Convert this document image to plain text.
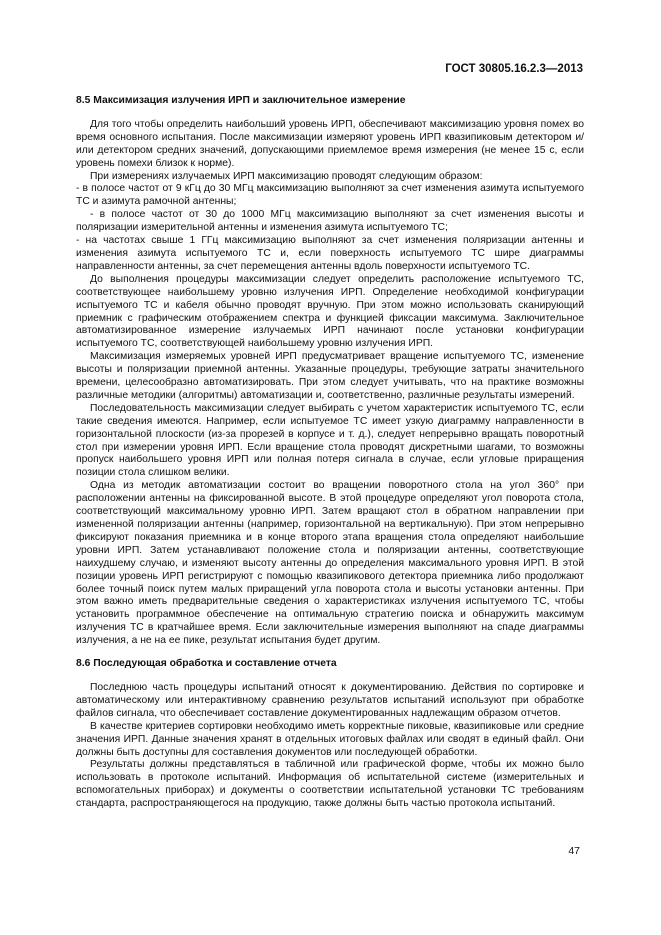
ГОСТ 30805.16.2.3—2013
8.5 Максимизация излучения ИРП и заключительное измерение

Для того чтобы определить наибольший уровень ИРП, обеспечивают максимизацию уровня помех во время основного испытания. После максимизации измеряют уровень ИРП квазипиковым детектором и/или детектором средних значений, допускающими приемлемое время измерения (не менее 15 с, если уровень помехи близок к норме).

При измерениях излучаемых ИРП максимизацию проводят следующим образом:

- в полосе частот от 9 кГц до 30 МГц максимизацию выполняют за счет изменения азимута испытуемого ТС и азимута рамочной антенны;

- в полосе частот от 30 до 1000 МГц максимизацию выполняют за счет изменения высоты и поляризации измерительной антенны и изменения азимута испытуемого ТС;

- на частотах свыше 1 ГГц максимизацию выполняют за счет изменения поляризации антенны и изменения азимута испытуемого ТС и, если поверхность испытуемого ТС шире диаграммы направленности антенны, за счет перемещения антенны вдоль поверхности испытуемого ТС.

До выполнения процедуры максимизации следует определить расположение испытуемого ТС, соответствующее наибольшему уровню излучения ИРП. Определение необходимой конфигурации испытуемого ТС и кабеля обычно проводят вручную. При этом можно использовать сканирующий приемник с графическим отображением спектра и функцией фиксации максимума. Заключительное автоматизированное измерение излучаемых ИРП начинают после установки конфигурации испытуемого ТС, соответствующей наибольшему уровню излучения ИРП.

Максимизация измеряемых уровней ИРП предусматривает вращение испытуемого ТС, изменение высоты и поляризации приемной антенны. Указанные процедуры, требующие затраты значительного времени, целесообразно автоматизировать. При этом следует учитывать, что на практике возможны различные методики (алгоритмы) автоматизации и, соответственно, различные результаты измерений.

Последовательность максимизации следует выбирать с учетом характеристик испытуемого ТС, если такие сведения имеются. Например, если испытуемое ТС имеет узкую диаграмму направленности в горизонтальной плоскости (из-за прорезей в корпусе и т. д.), следует непрерывно вращать поворотный стол при измерении уровня ИРП. Если вращение стола проводят дискретными шагами, то возможны пропуск наибольшего уровня ИРП или полная потеря сигнала в случае, если угловые приращения позиции стола слишком велики.

Одна из методик автоматизации состоит во вращении поворотного стола на угол 360° при расположении антенны на фиксированной высоте. В этой процедуре определяют угол поворота стола, соответствующий максимальному уровню ИРП. Затем вращают стол в обратном направлении при измененной поляризации антенны (например, горизонтальной на вертикальную). При этом непрерывно фиксируют показания приемника и в конце второго этапа вращения стола определяют наибольшие уровни ИРП. Затем устанавливают положение стола и поляризации антенны, соответствующие наихудшему случаю, и изменяют высоту антенны до определения максимального уровня ИРП. В этой позиции уровень ИРП регистрируют с помощью квазипикового детектора приемника либо продолжают более точный поиск путем малых приращений угла поворота стола и высоты установки антенны. При этом важно иметь предварительные сведения о характеристиках излучения испытуемого ТС, чтобы установить программное обеспечение на оптимальную стратегию поиска и обнаружить максимум излучения ТС в кратчайшее время. Если заключительные измерения выполняют на спаде диаграммы излучения, а не на ее пике, результат испытания будет другим.

8.6 Последующая обработка и составление отчета

Последнюю часть процедуры испытаний относят к документированию. Действия по сортировке и автоматическому или интерактивному сравнению результатов испытаний используют при обработке файлов сигнала, что обеспечивает составление документированных надлежащим образом отчетов.

В качестве критериев сортировки необходимо иметь корректные пиковые, квазипиковые или средние значения ИРП. Данные значения хранят в отдельных итоговых файлах или сводят в единый файл. Они должны быть доступны для составления документов или последующей обработки.

Результаты должны представляться в табличной или графической форме, чтобы их можно было использовать в протоколе испытаний. Информация об испытательной системе (измерительных и вспомогательных приборах) и документы о соответствии испытательной установки ТС требованиям стандарта, распространяющегося на продукцию, также должны быть частью протокола испытаний.

47
